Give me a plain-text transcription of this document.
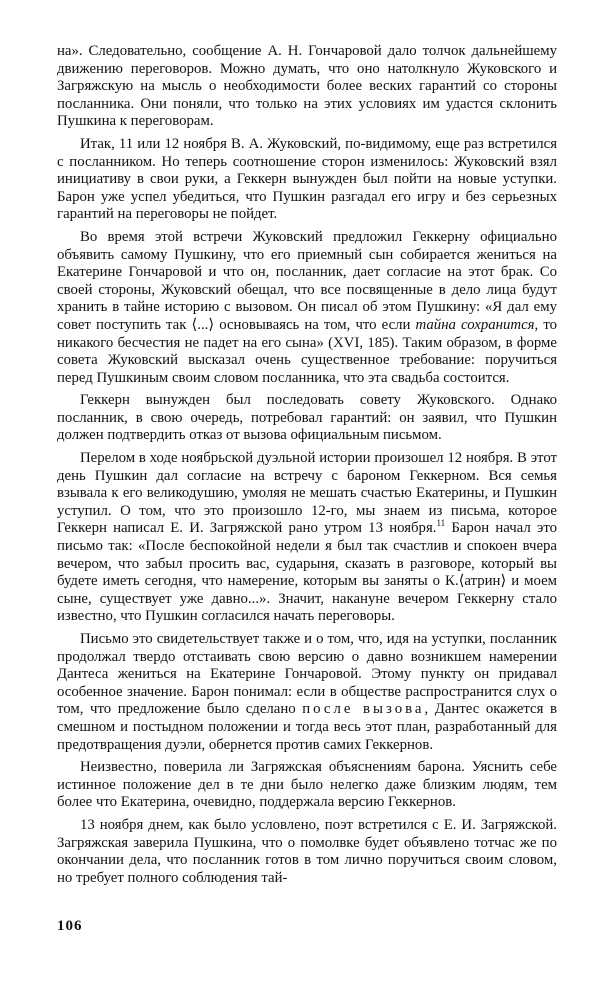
на». Следовательно, сообщение А. Н. Гончаровой дало толчок дальнейшему движению переговоров. Можно думать, что оно натолкнуло Жуковского и Загряжскую на мысль о необходимости более веских гарантий со стороны посланника. Они поняли, что только на этих условиях им удастся склонить Пушкина к переговорам.

Итак, 11 или 12 ноября В. А. Жуковский, по-видимому, еще раз встретился с посланником. Но теперь соотношение сторон изменилось: Жуковский взял инициативу в свои руки, а Геккерн вынужден был пойти на новые уступки. Барон уже успел убедиться, что Пушкин разгадал его игру и без серьезных гарантий на переговоры не пойдет.

Во время этой встречи Жуковский предложил Геккерну официально объявить самому Пушкину, что его приемный сын собирается жениться на Екатерине Гончаровой и что он, посланник, дает согласие на этот брак. Со своей стороны, Жуковский обещал, что все посвященные в дело лица будут хранить в тайне историю с вызовом. Он писал об этом Пушкину: «Я дал ему совет поступить так ⟨...⟩ основываясь на том, что если тайна сохранится, то никакого бесчестия не падет на его сына» (XVI, 185). Таким образом, в форме совета Жуковский высказал очень существенное требование: поручиться перед Пушкиным своим словом посланника, что эта свадьба состоится.

Геккерн вынужден был последовать совету Жуковского. Однако посланник, в свою очередь, потребовал гарантий: он заявил, что Пушкин должен подтвердить отказ от вызова официальным письмом.

Перелом в ходе ноябрьской дуэльной истории произошел 12 ноября. В этот день Пушкин дал согласие на встречу с бароном Геккерном. Вся семья взывала к его великодушию, умоляя не мешать счастью Екатерины, и Пушкин уступил. О том, что это произошло 12-го, мы знаем из письма, которое Геккерн написал Е. И. Загряжской рано утром 13 ноября.$^{11}$ Барон начал это письмо так: «После беспокойной недели я был так счастлив и спокоен вчера вечером, что забыл просить вас, сударыня, сказать в разговоре, который вы будете иметь сегодня, что намерение, которым вы заняты о К.⟨атрин⟩ и моем сыне, существует уже давно...». Значит, накануне вечером Геккерну стало известно, что Пушкин согласился начать переговоры.

Письмо это свидетельствует также и о том, что, идя на уступки, посланник продолжал твердо отстаивать свою версию о давно возникшем намерении Дантеса жениться на Екатерине Гончаровой. Этому пункту он придавал особенное значение. Барон понимал: если в обществе распространится слух о том, что предложение было сделано после вызова, Дантес окажется в смешном и постыдном положении и тогда весь этот план, разработанный для предотвращения дуэли, обернется против самих Геккернов.

Неизвестно, поверила ли Загряжская объяснениям барона. Уяснить себе истинное положение дел в те дни было нелегко даже близким людям, тем более что Екатерина, очевидно, поддержала версию Геккернов.

13 ноября днем, как было условлено, поэт встретился с Е. И. Загряжской. Загряжская заверила Пушкина, что о помолвке будет объявлено тотчас же по окончании дела, что посланник готов в том лично поручиться своим словом, но требует полного соблюдения тай-

106
